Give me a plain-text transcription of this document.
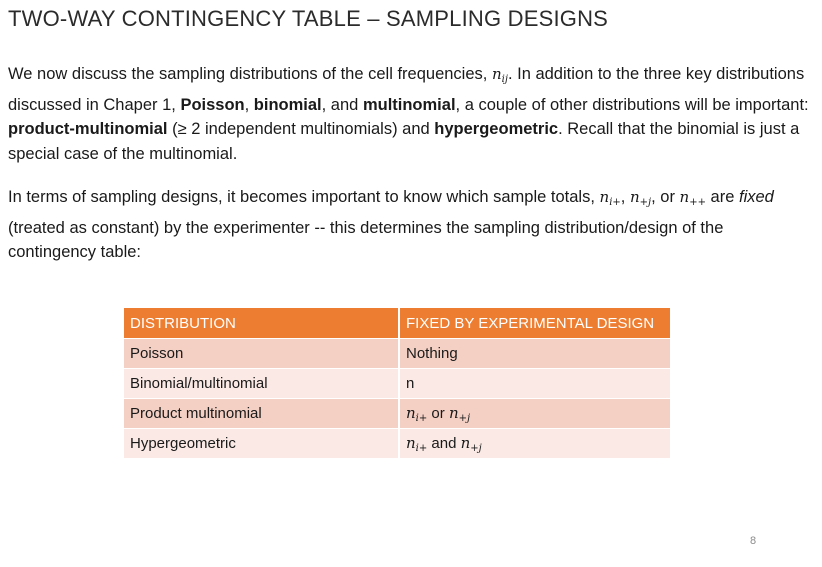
TWO-WAY CONTINGENCY TABLE – SAMPLING DESIGNS
We now discuss the sampling distributions of the cell frequencies, $n_{ij}$. In addition to the three key distributions discussed in Chaper 1, Poisson, binomial, and multinomial, a couple of other distributions will be important: product-multinomial (≥ 2 independent multinomials) and hypergeometric. Recall that the binomial is just a special case of the multinomial.
In terms of sampling designs, it becomes important to know which sample totals, $n_{i+}$, $n_{+j}$, or $n_{++}$ are fixed (treated as constant) by the experimenter -- this determines the sampling distribution/design of the contingency table:
DISTRIBUTION	FIXED BY EXPERIMENTAL DESIGN
Poisson	Nothing
Binomial/multinomial	n
Product multinomial	$n_{i+}$ or $n_{+j}$
Hypergeometric	$n_{i+}$ and $n_{+j}$
8
